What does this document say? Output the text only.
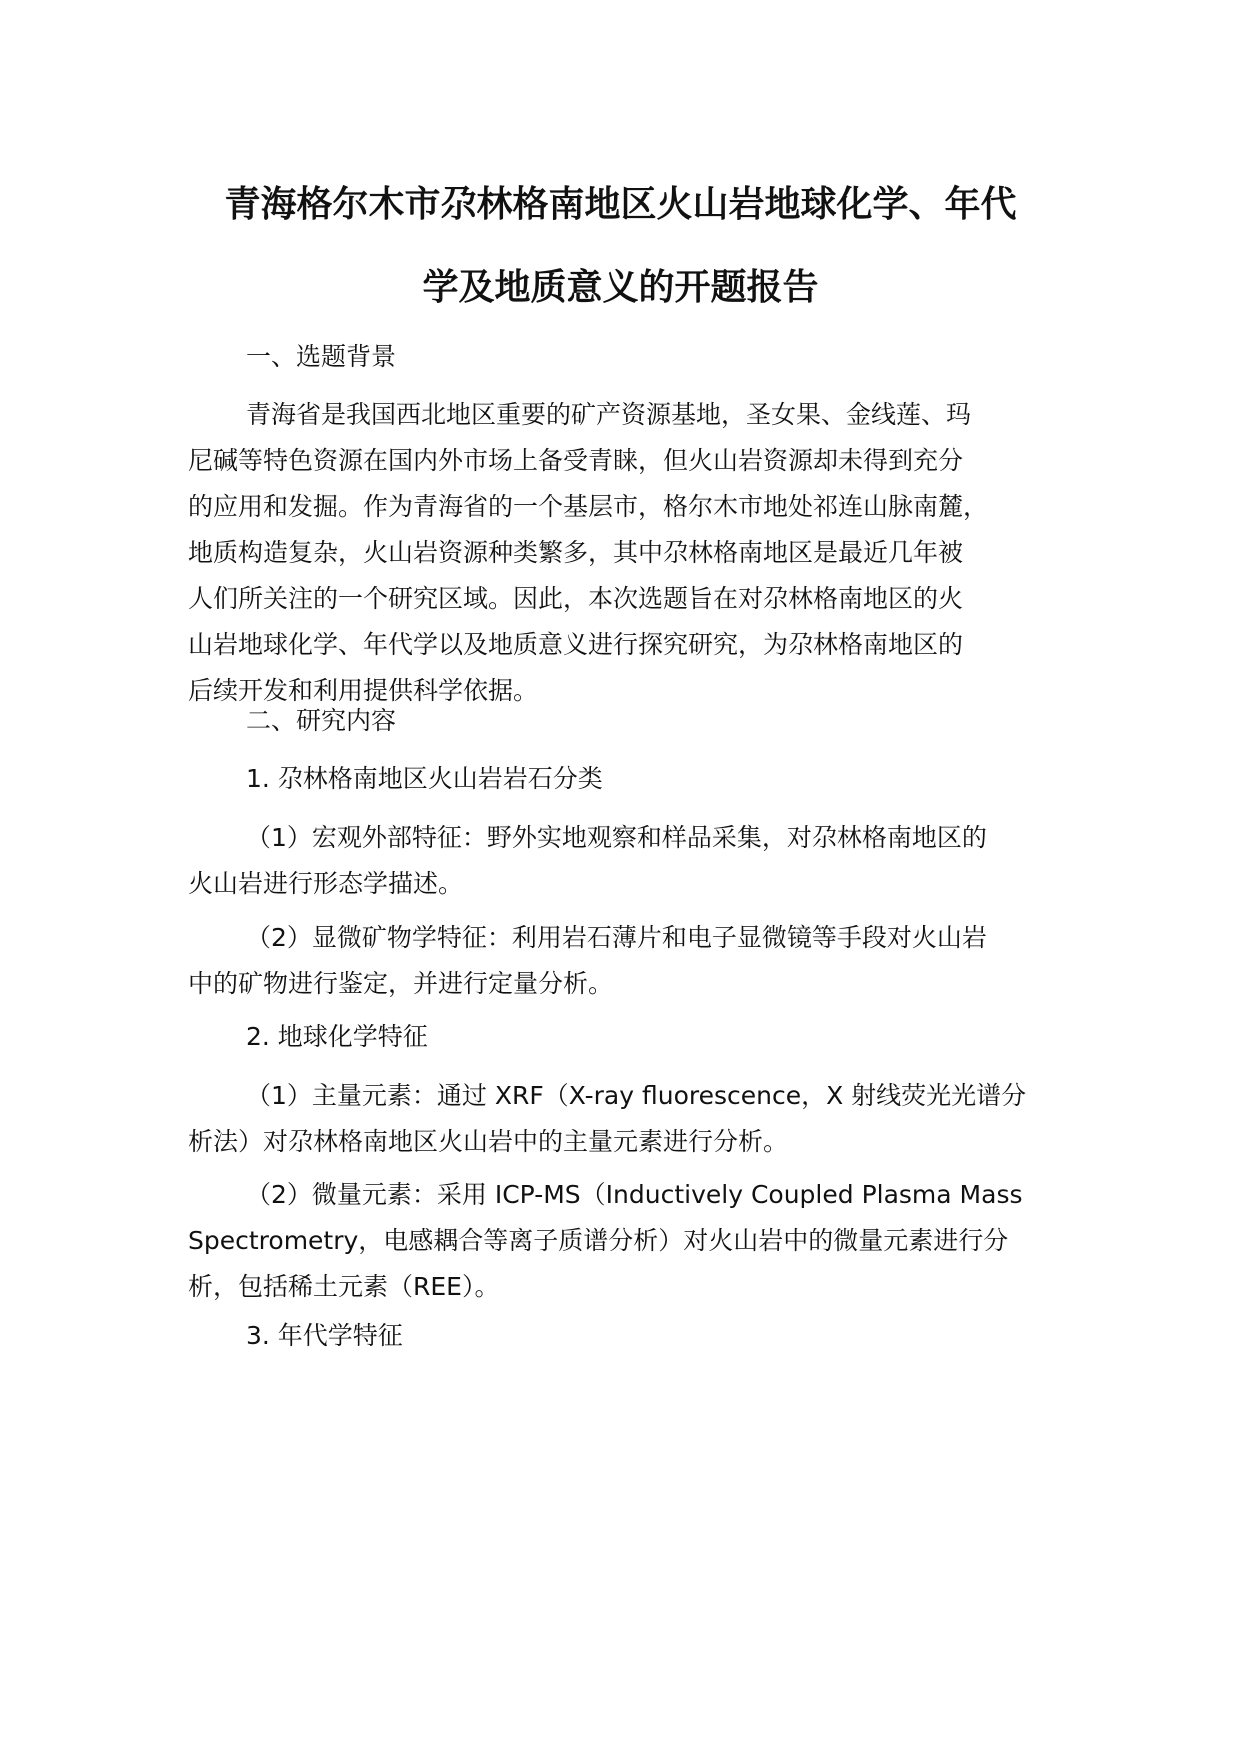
青海格尔木市尕林格南地区火山岩地球化学、年代
学及地质意义的开题报告

一、选题背景

青海省是我国西北地区重要的矿产资源基地，圣女果、金线莲、玛
尼碱等特色资源在国内外市场上备受青睐，但火山岩资源却未得到充分
的应用和发掘。作为青海省的一个基层市，格尔木市地处祁连山脉南麓，
地质构造复杂，火山岩资源种类繁多，其中尕林格南地区是最近几年被
人们所关注的一个研究区域。因此，本次选题旨在对尕林格南地区的火
山岩地球化学、年代学以及地质意义进行探究研究，为尕林格南地区的
后续开发和利用提供科学依据。

二、研究内容

1. 尕林格南地区火山岩岩石分类

（1）宏观外部特征：野外实地观察和样品采集，对尕林格南地区的
火山岩进行形态学描述。

（2）显微矿物学特征：利用岩石薄片和电子显微镜等手段对火山岩
中的矿物进行鉴定，并进行定量分析。

2. 地球化学特征

（1）主量元素：通过 XRF（X-ray fluorescence，X 射线荧光光谱分
析法）对尕林格南地区火山岩中的主量元素进行分析。

（2）微量元素：采用 ICP-MS（Inductively Coupled Plasma Mass
Spectrometry，电感耦合等离子质谱分析）对火山岩中的微量元素进行分
析，包括稀土元素（REE）。

3. 年代学特征
